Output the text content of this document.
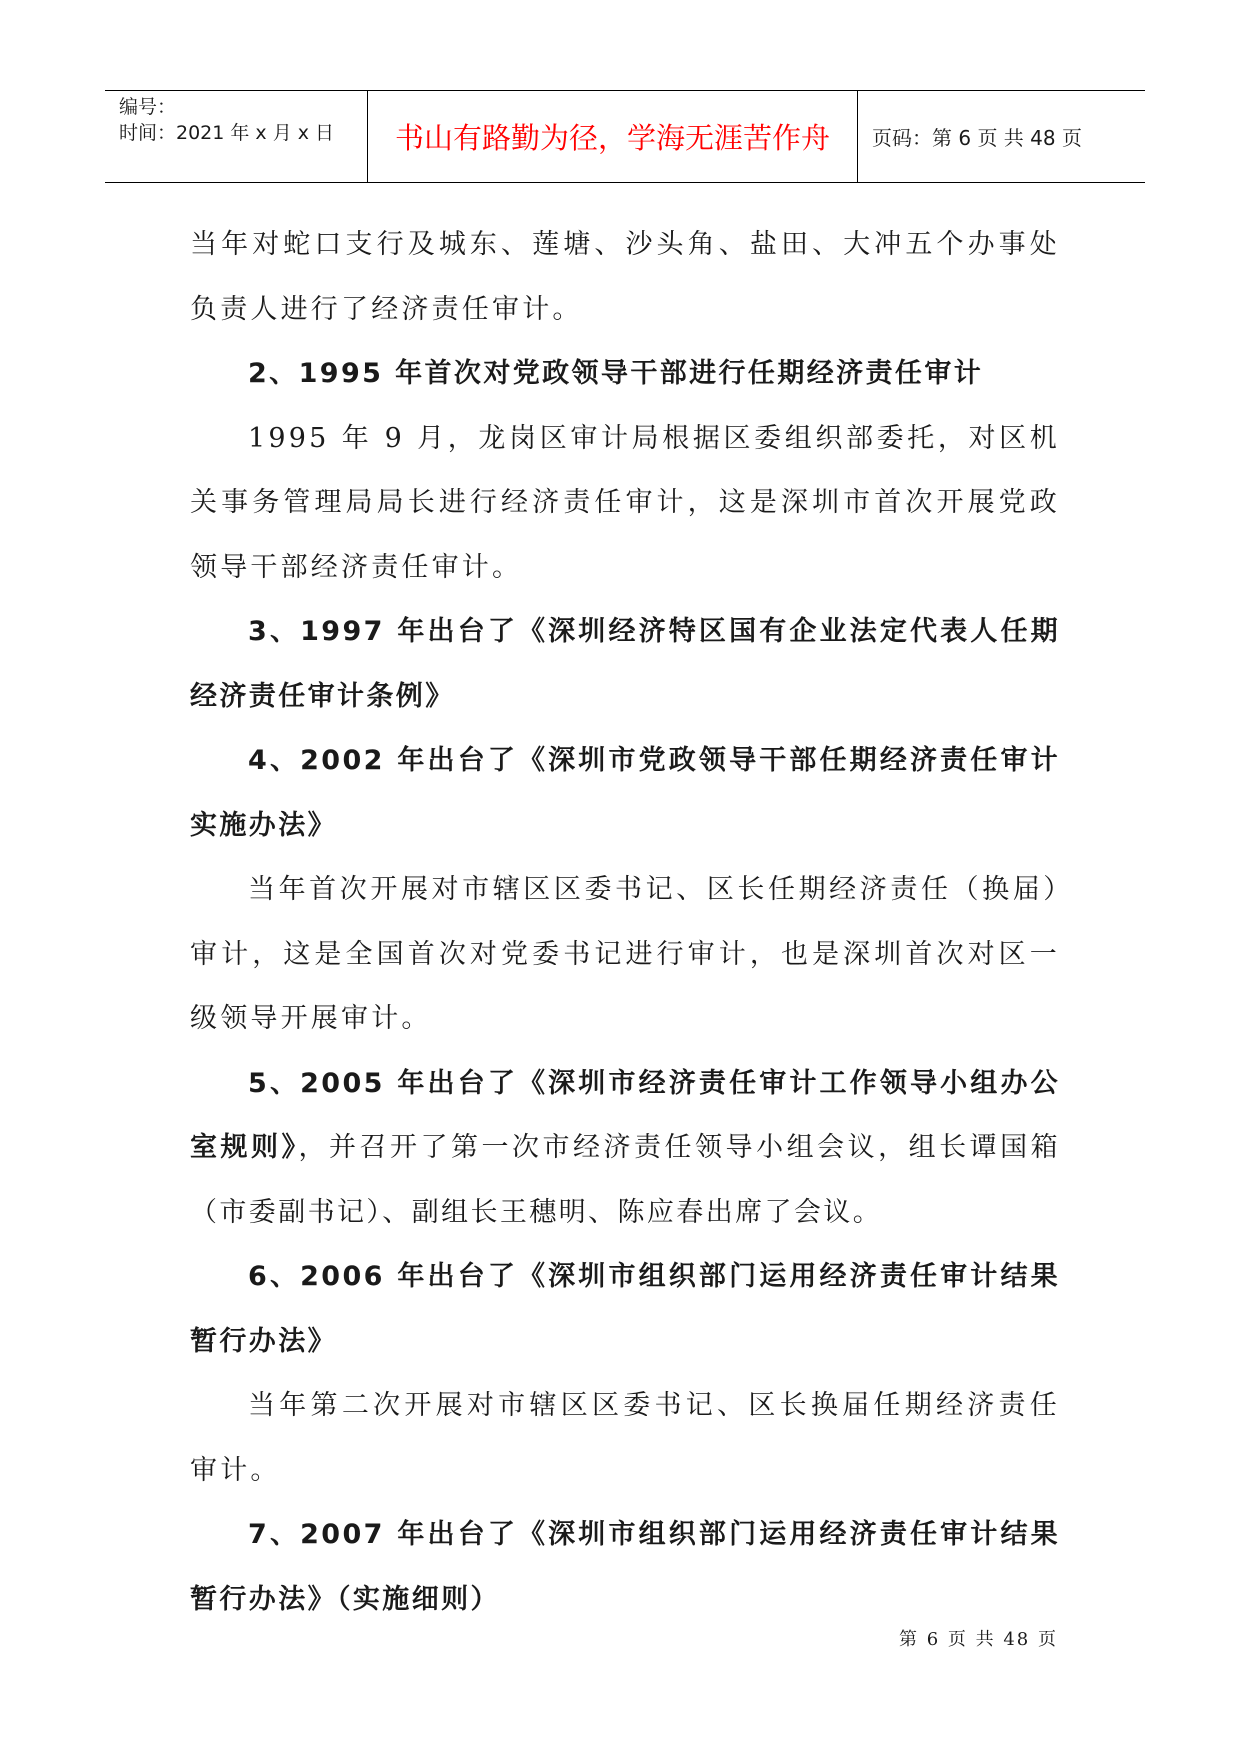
编号：
时间：2021 年 x 月 x 日	书山有路勤为径，学海无涯苦作舟	页码：第 6 页 共 48 页

当年对蛇口支行及城东、莲塘、沙头角、盐田、大冲五个办事处负责人进行了经济责任审计。

2、1995 年首次对党政领导干部进行任期经济责任审计

1995 年 9 月，龙岗区审计局根据区委组织部委托，对区机关事务管理局局长进行经济责任审计，这是深圳市首次开展党政领导干部经济责任审计。

3、1997 年出台了《深圳经济特区国有企业法定代表人任期经济责任审计条例》

4、2002 年出台了《深圳市党政领导干部任期经济责任审计实施办法》

当年首次开展对市辖区区委书记、区长任期经济责任（换届）审计，这是全国首次对党委书记进行审计，也是深圳首次对区一级领导开展审计。

5、2005 年出台了《深圳市经济责任审计工作领导小组办公室规则》，并召开了第一次市经济责任领导小组会议，组长谭国箱（市委副书记）、副组长王穗明、陈应春出席了会议。

6、2006 年出台了《深圳市组织部门运用经济责任审计结果暂行办法》

当年第二次开展对市辖区区委书记、区长换届任期经济责任审计。

7、2007 年出台了《深圳市组织部门运用经济责任审计结果暂行办法》（实施细则）

第 6 页 共 48 页
